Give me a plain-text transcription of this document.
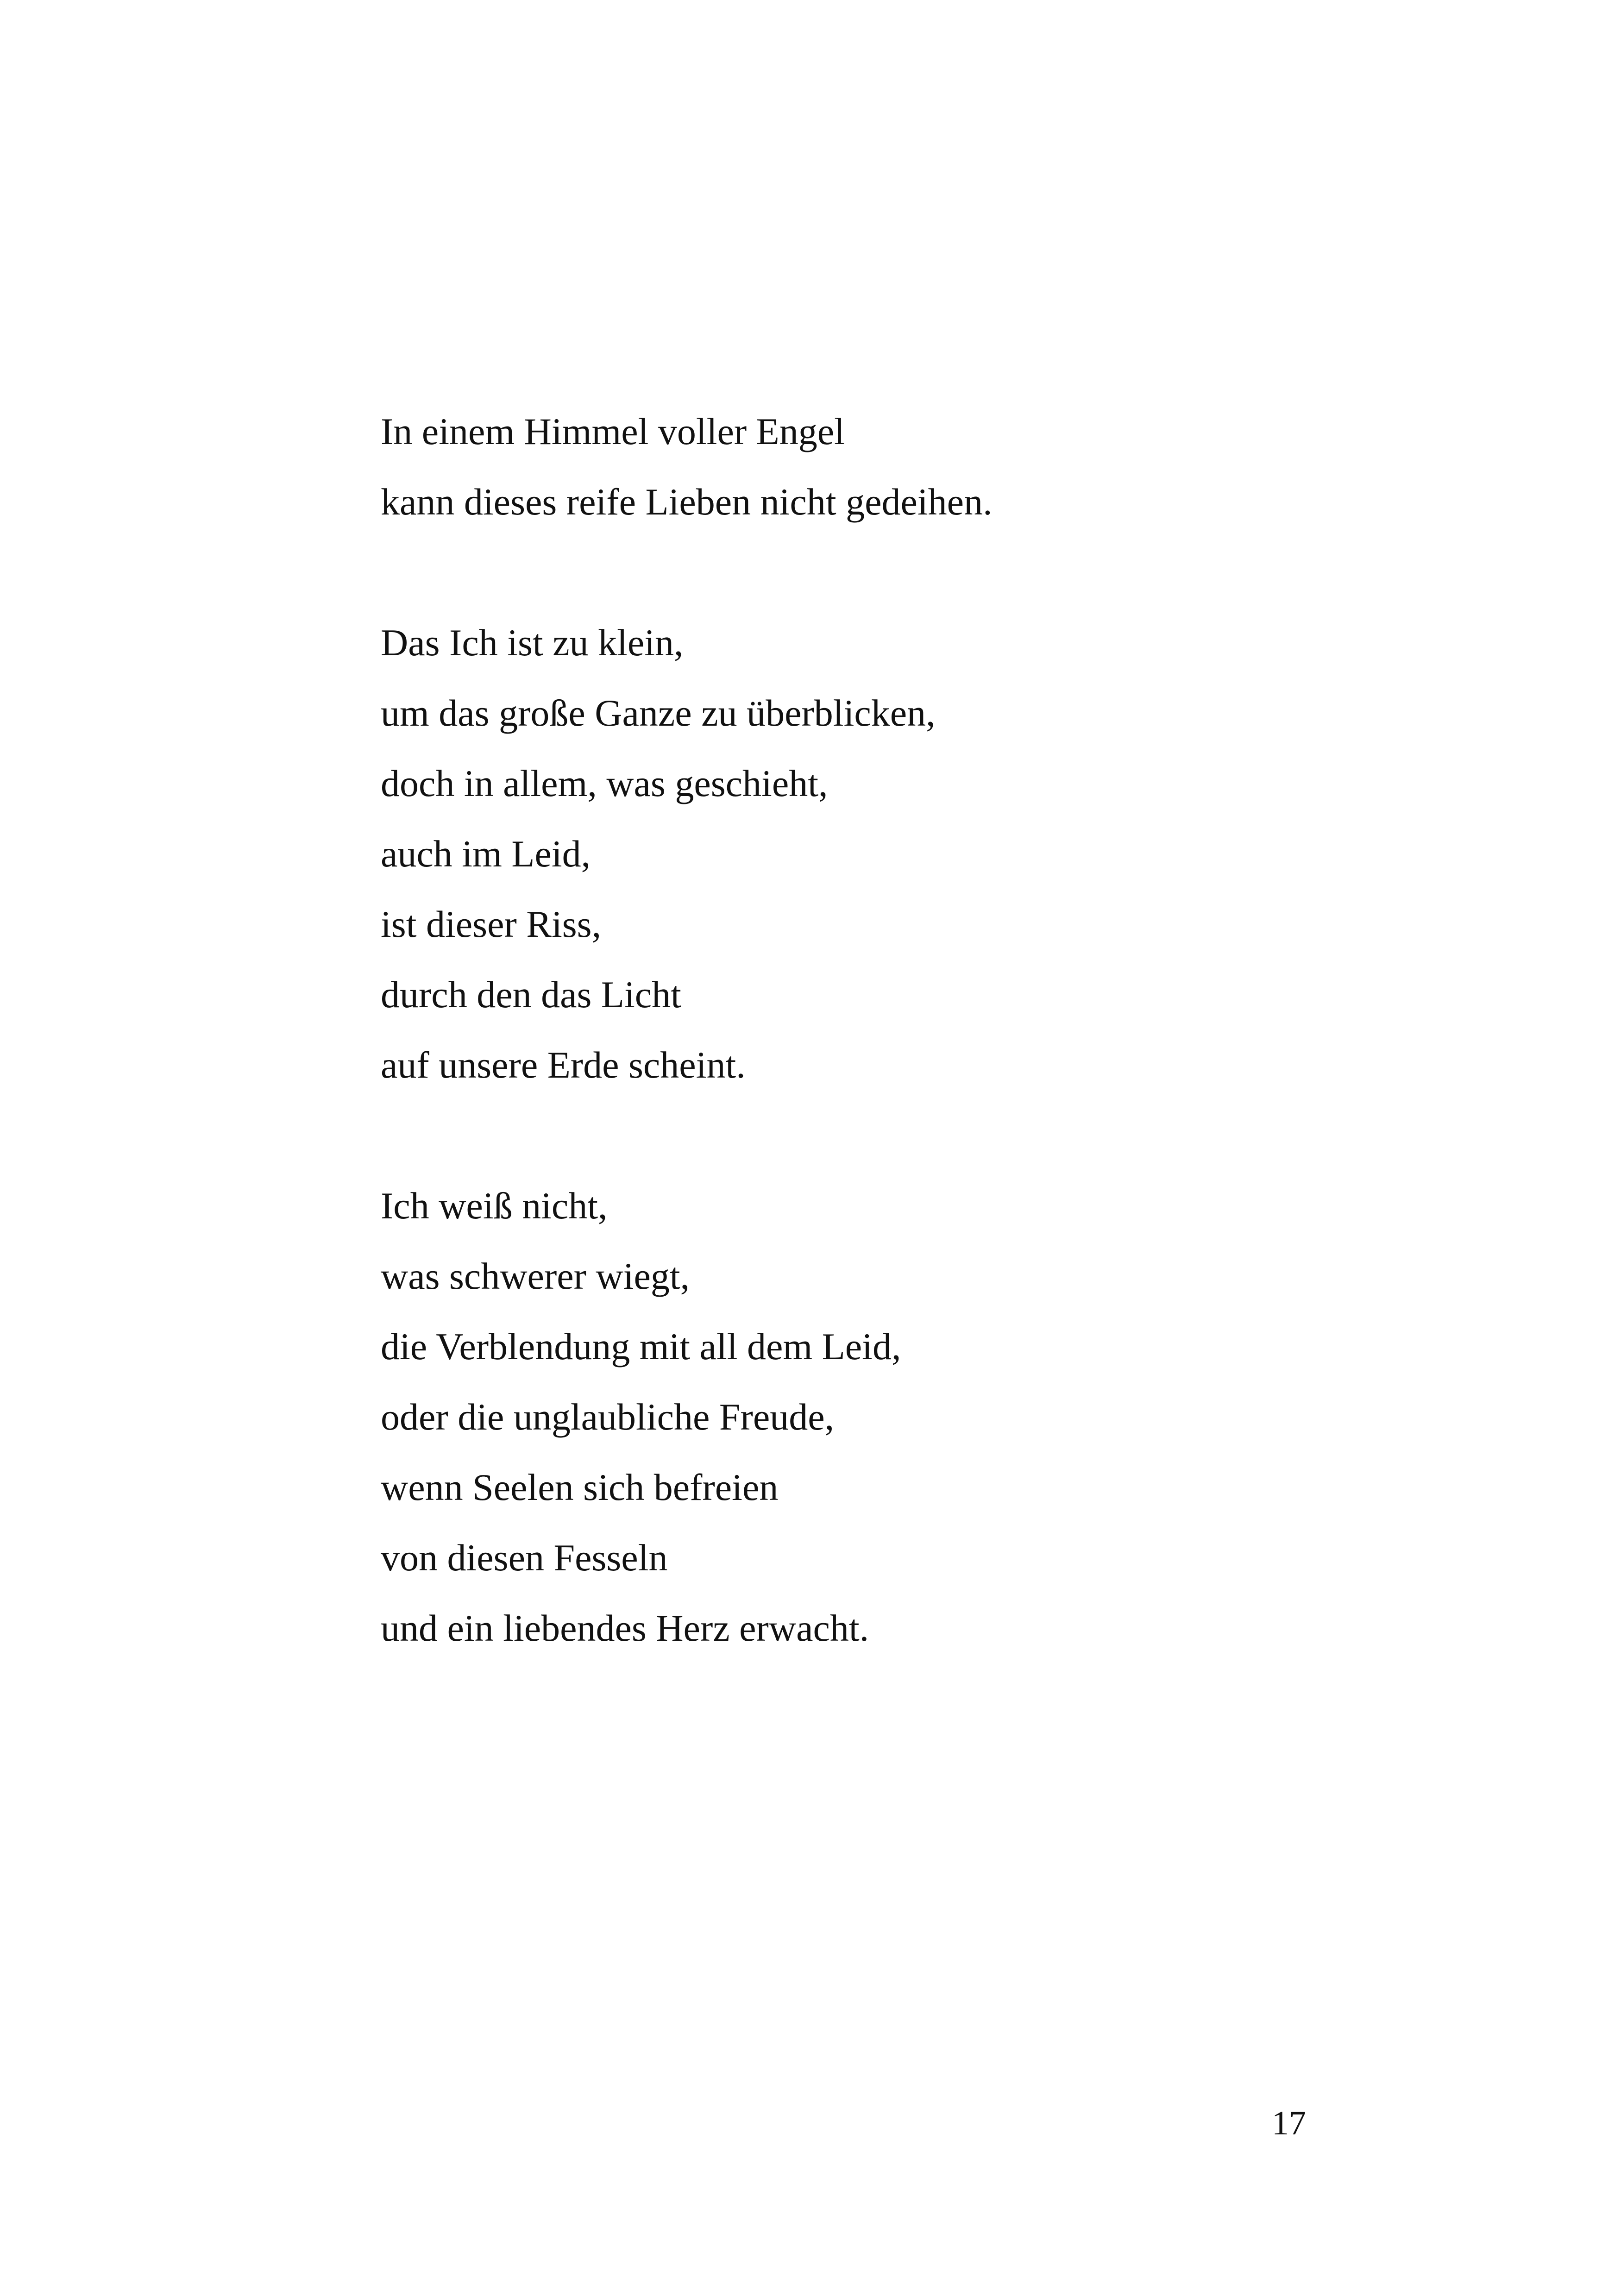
In einem Himmel voller Engel
kann dieses reife Lieben nicht gedeihen.

Das Ich ist zu klein,
um das große Ganze zu überblicken,
doch in allem, was geschieht,
auch im Leid,
ist dieser Riss,
durch den das Licht
auf unsere Erde scheint.

Ich weiß nicht,
was schwerer wiegt,
die Verblendung mit all dem Leid,
oder die unglaubliche Freude,
wenn Seelen sich befreien
von diesen Fesseln
und ein liebendes Herz erwacht.

17
